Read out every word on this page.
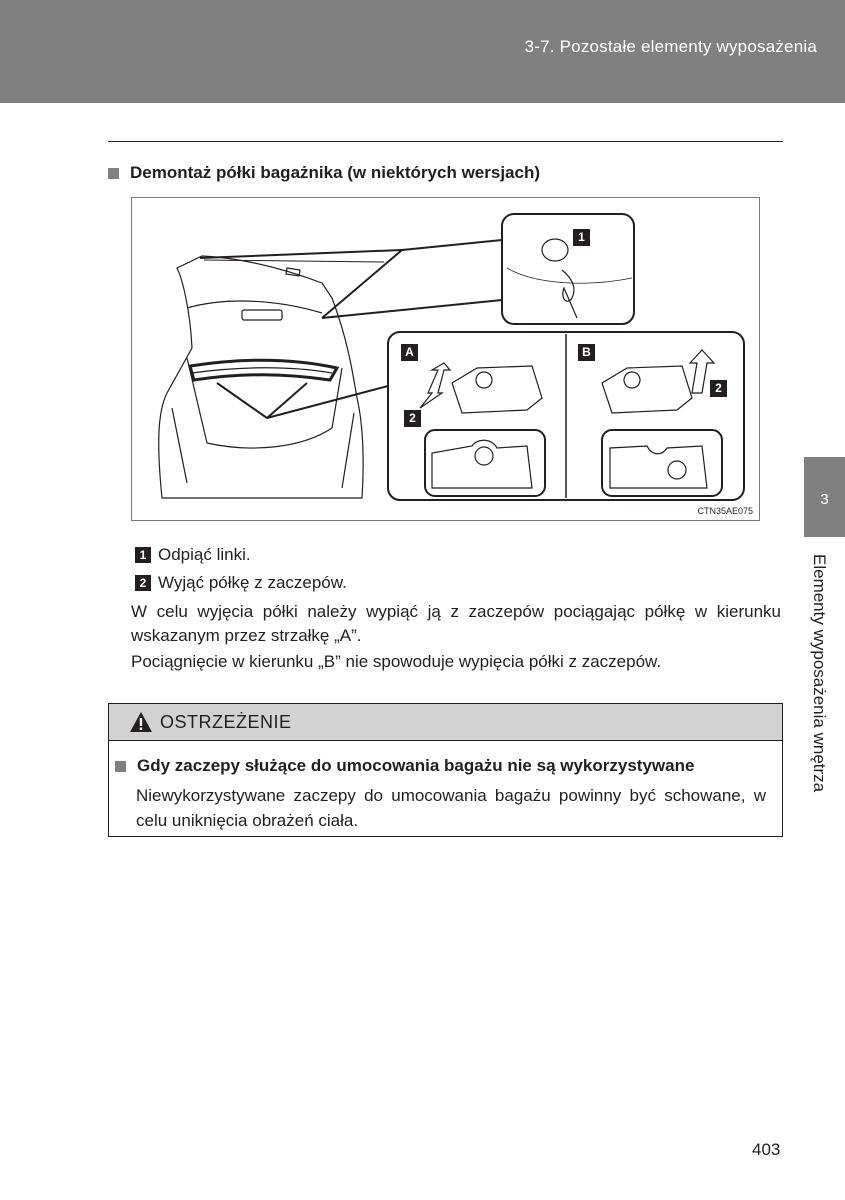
3-7. Pozostałe elementy wyposażenia
Demontaż półki bagażnika (w niektórych wersjach)
1
A
2
B
2
CTN35AE075
1 Odpiąć linki.
2 Wyjąć półkę z zaczepów.
W celu wyjęcia półki należy wypiąć ją z zaczepów pociągając półkę w kierunku wskazanym przez strzałkę „A”.
Pociągnięcie w kierunku „B” nie spowoduje wypięcia półki z zaczepów.
OSTRZEŻENIE
Gdy zaczepy służące do umocowania bagażu nie są wykorzystywane
Niewykorzystywane zaczepy do umocowania bagażu powinny być schowane, w celu uniknięcia obrażeń ciała.
3
Elementy wyposażenia wnętrza
403
